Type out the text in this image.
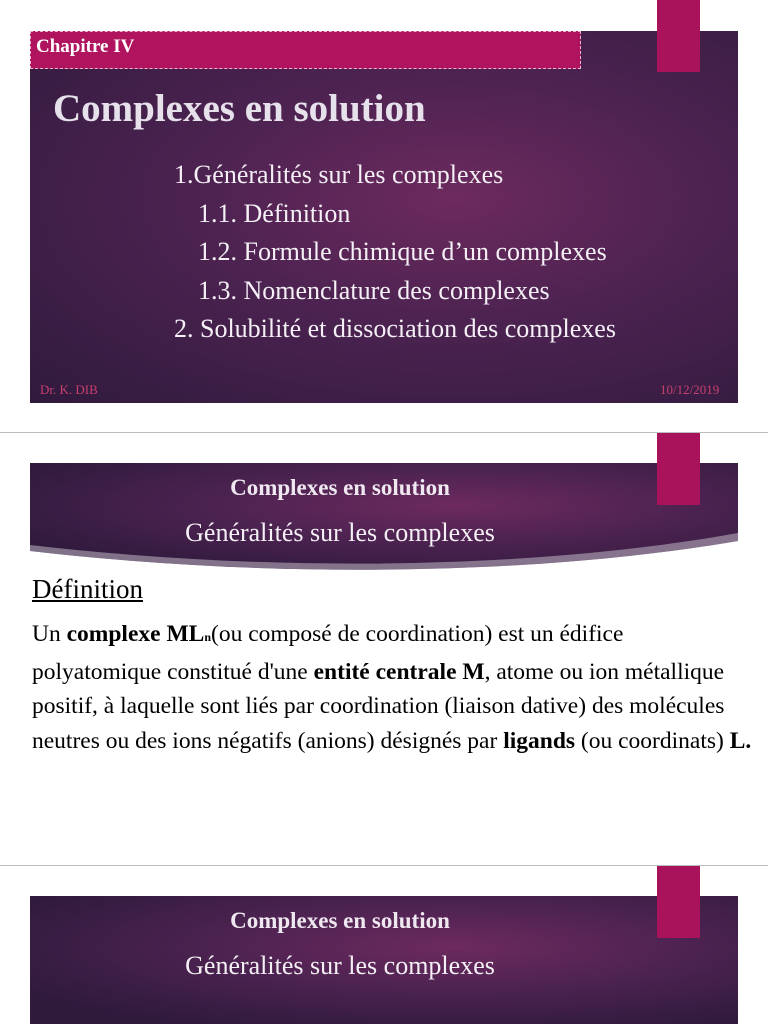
Chapitre IV
Complexes en solution
1.Généralités sur les complexes
1.1. Définition
1.2. Formule chimique d’un complexes
1.3. Nomenclature des complexes
2. Solubilité et dissociation des complexes
Dr. K. DIB	10/12/2019
Complexes en solution
Généralités sur les complexes
Définition
Un complexe MLn(ou composé de coordination) est un édifice polyatomique constitué d'une entité centrale M, atome ou ion métallique positif, à laquelle sont liés par coordination (liaison dative) des molécules neutres ou des ions négatifs (anions) désignés par ligands (ou coordinats) L.
Complexes en solution
Généralités sur les complexes
